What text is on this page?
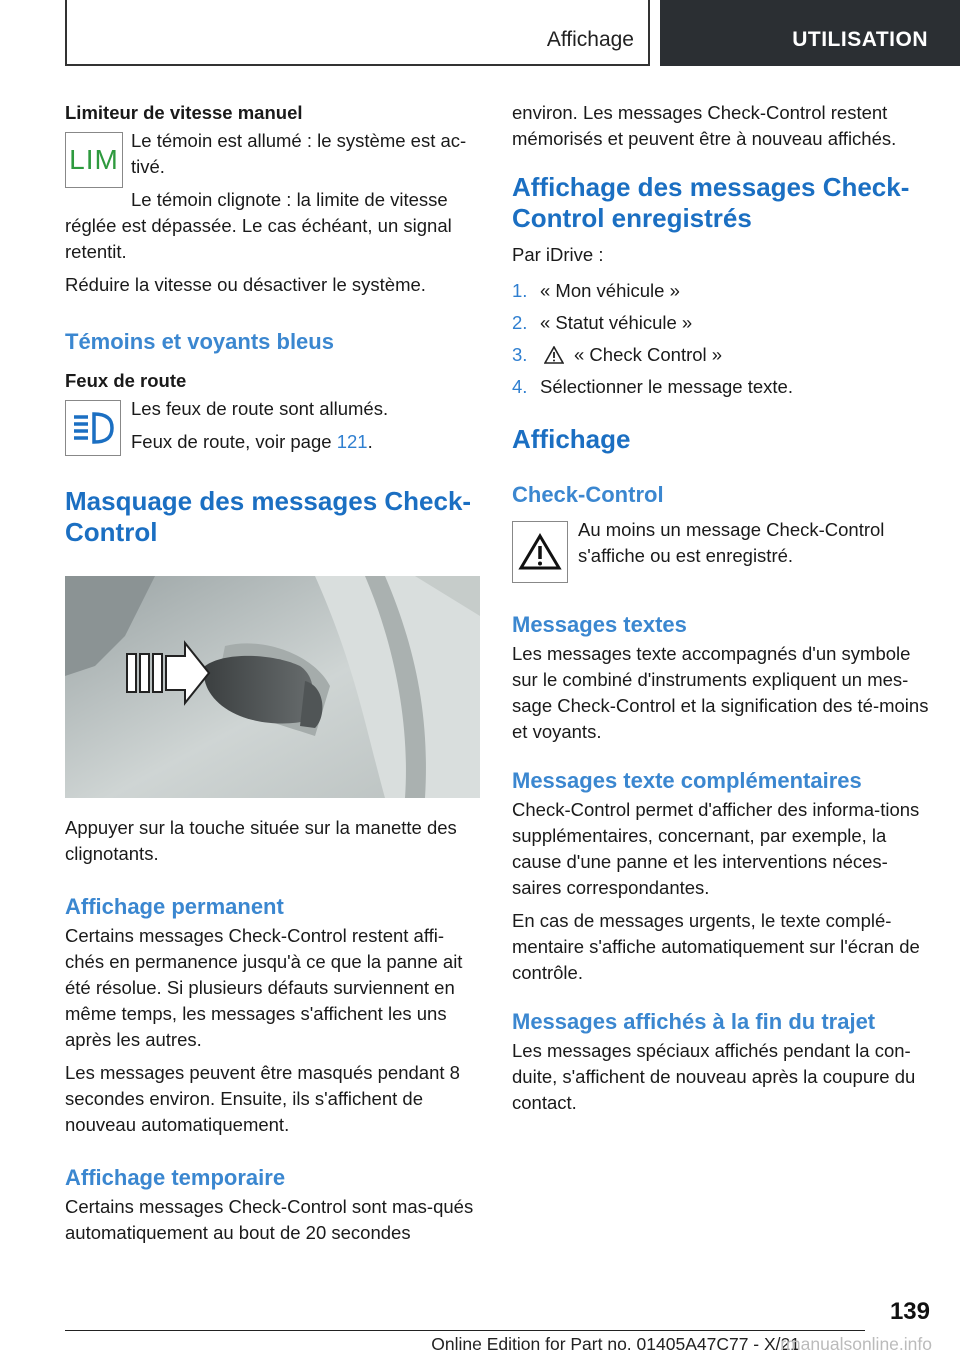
Affichage	UTILISATION
Limiteur de vitesse manuel
LIM

Le témoin est allumé : le système est ac‐tivé.

Le témoin clignote : la limite de vitesse

réglée est dépassée. Le cas échéant, un signal retentit.

Réduire la vitesse ou désactiver le système.

Témoins et voyants bleus
Feux de route

Les feux de route sont allumés.

Feux de route, voir page 121.

Masquage des messages Check-Control

Appuyer sur la touche située sur la manette des clignotants.

Affichage permanent

Certains messages Check-Control restent affi‐chés en permanence jusqu'à ce que la panne ait été résolue. Si plusieurs défauts surviennent en même temps, les messages s'affichent les uns après les autres.

Les messages peuvent être masqués pendant 8 secondes environ. Ensuite, ils s'affichent de nouveau automatiquement.

Affichage temporaire

Certains messages Check-Control sont mas‐qués automatiquement au bout de 20 secondes

environ. Les messages Check-Control restent mémorisés et peuvent être à nouveau affichés.

Affichage des messages Check-Control enregistrés

Par iDrive :

1. « Mon véhicule »
2. « Statut véhicule »
3.	« Check Control »
4. Sélectionner le message texte.
Affichage
Check-Control

Au moins un message Check-Control s'affiche ou est enregistré.

Messages textes

Les messages texte accompagnés d'un symbole sur le combiné d'instruments expliquent un mes‐sage Check-Control et la signification des té‐moins et voyants.

Messages texte complémentaires

Check-Control permet d'afficher des informa‐tions supplémentaires, concernant, par exemple, la cause d'une panne et les interventions néces‐saires correspondantes.

En cas de messages urgents, le texte complé‐mentaire s'affiche automatiquement sur l'écran de contrôle.

Messages affichés à la fin du trajet

Les messages spéciaux affichés pendant la con‐duite, s'affichent de nouveau après la coupure du contact.

139
Online Edition for Part no. 01405A47C77 - X/21
rmanualsonline.info
